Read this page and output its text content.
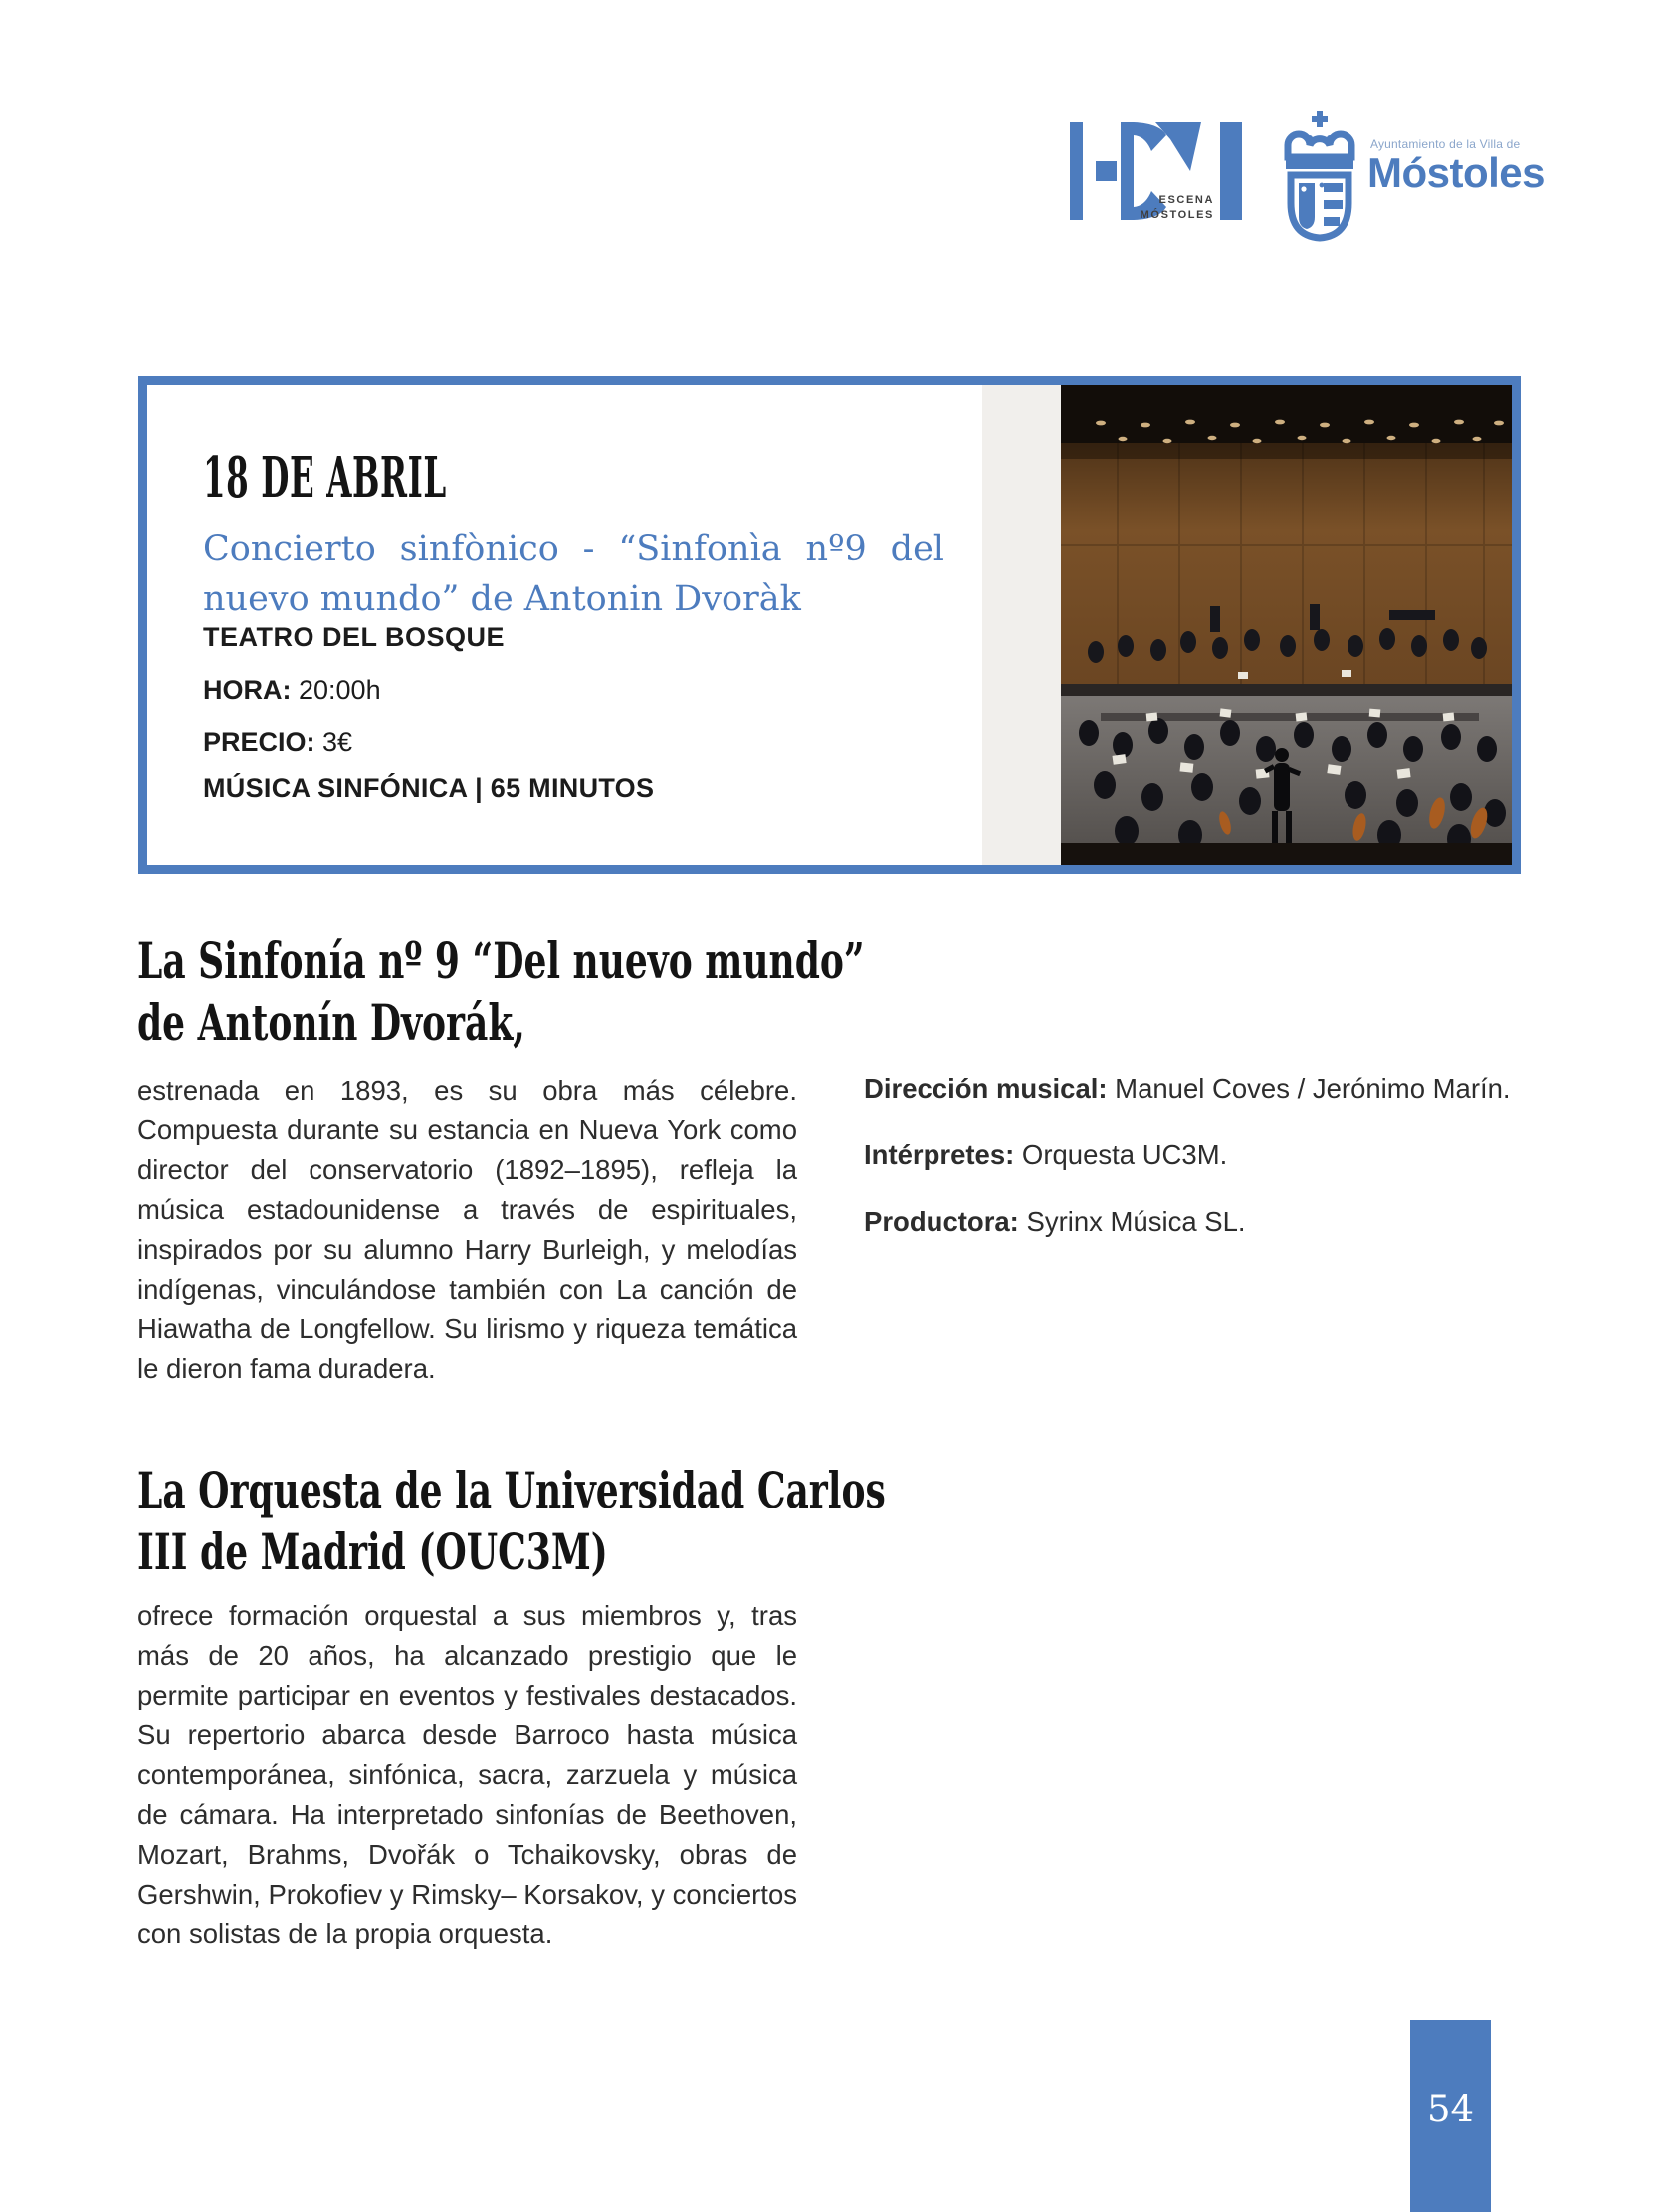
ESCENA
MÓSTOLES
Ayuntamiento de la Villa de
Móstoles
18 DE ABRIL
Concierto sinfònico - “Sinfonìa nº9 del
nuevo mundo” de Antonin Dvoràk
TEATRO DEL BOSQUE
HORA: 20:00h
PRECIO: 3€
MÚSICA SINFÓNICA | 65 MINUTOS
La Sinfonía nº 9 “Del nuevo mundo”
de Antonín Dvorák,
estrenada en 1893, es su obra más célebre. Compuesta durante su estancia en Nueva York como director del conservatorio (1892–1895), refleja la música estadounidense a través de espirituales, inspirados por su alumno Harry Burleigh, y melodías indígenas, vinculándose también con La canción de Hiawatha de Longfellow. Su lirismo y riqueza temática le dieron fama duradera.
Dirección musical: Manuel Coves / Jerónimo Marín.
Intérpretes: Orquesta UC3M.
Productora: Syrinx Música SL.
La Orquesta de la Universidad Carlos
III de Madrid (OUC3M)
ofrece formación orquestal a sus miembros y, tras más de 20 años, ha alcanzado prestigio que le permite participar en eventos y festivales destacados. Su repertorio abarca desde Barroco hasta música contemporánea, sinfónica, sacra, zarzuela y música de cámara. Ha interpretado sinfonías de Beethoven, Mozart, Brahms, Dvořák o Tchaikovsky, obras de Gershwin, Prokofiev y Rimsky– Korsakov, y conciertos con solistas de la propia orquesta.
54
